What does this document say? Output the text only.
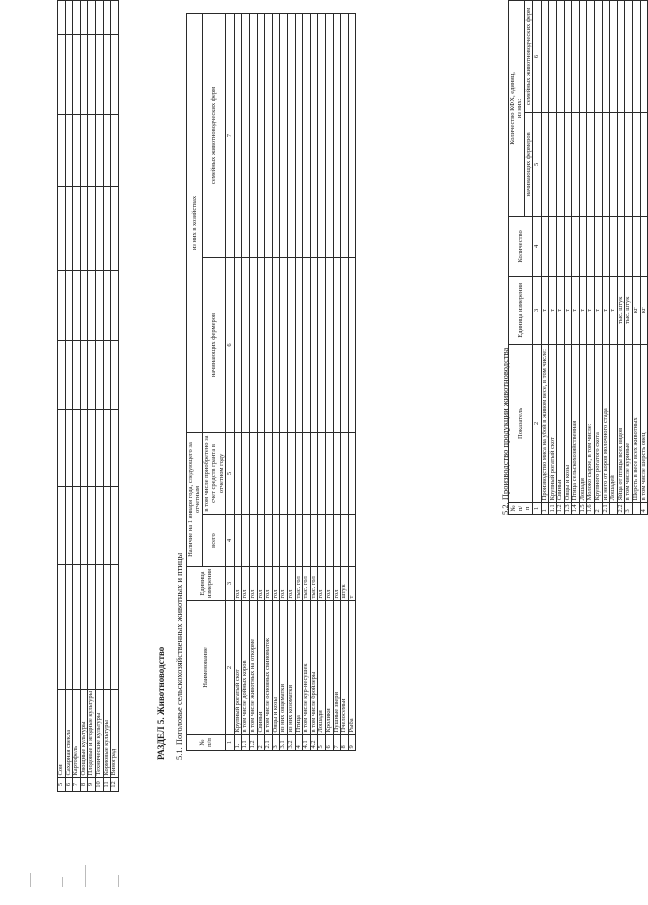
5	Сои									
6	Сахарная свекла									
7	Картофель									
8	Овощные культуры									
9	Плодовые и ягодные культуры									
10	Технические культуры									
11	Кормовые культуры									
12	Виноград									
РАЗДЕЛ 5. Животноводство 5.1. Поголовье сельскохозяйственных животных и птицы № п/п	Наименование	Единица измерения	Наличие на 1 января года, следующего за отчетным		из них в хозяйствах	
			всего	в том числе приобретено за счет средств гранта в отчетном году	начинающих фермеров	семейных животноводческих ферм

1	2	3	4	5	6	7
1.	Крупный рогатый скот	гол				
1.1	в том числе дойных коров	гол				
1.2	в том числе животных на откорме	гол				
2	Свиньи	гол				
2.1	в том числе основных свиноматок	гол				
3	Овцы и козы	гол				
3.1	из них овцематки	гол				
3.2	из них козоматки	гол				
4	Птица	тыс. гол				
4.1	в том числе кур-несушек	тыс. гол				
4.2	в том числе бройлеры	тыс. гол				
5	Лошади	гол				
6	Кролики	гол				
7	Пушные звери	гол				
8	Пчелосемьи	штук				
9	Рыба	т				
5.2. Производство продукции животноводства № п/п	Показатель	Единица измерения	Количество	Количество КФХ, единиц,
из них:	
				начинающих фермеров	семейных животноводческих ферм

1	2	3	4	5	6
1	Производство мяса на убой в живом весе, в том числе:	т			
1.1	Крупный рогатый скот	т			
1.2	Свиньи	т			
1.3	Овцы и козы	т			
1.4	Птица сельскохозяйственная	т			
1.5	Лошади	т			
1.6	Молоко сырое, в том числе:	т			
2	Крупного рогатого скота	т			
2.1	из него от коров молочного стада	т			
	Лошадей	т			
2.2	Яйца от птицы всех видов	тыс. штук			
3	в том числе куриные	тыс. штук			
	Шерсть в весе всех животных	кг			
4	в том числе шерсть овец	кг			
